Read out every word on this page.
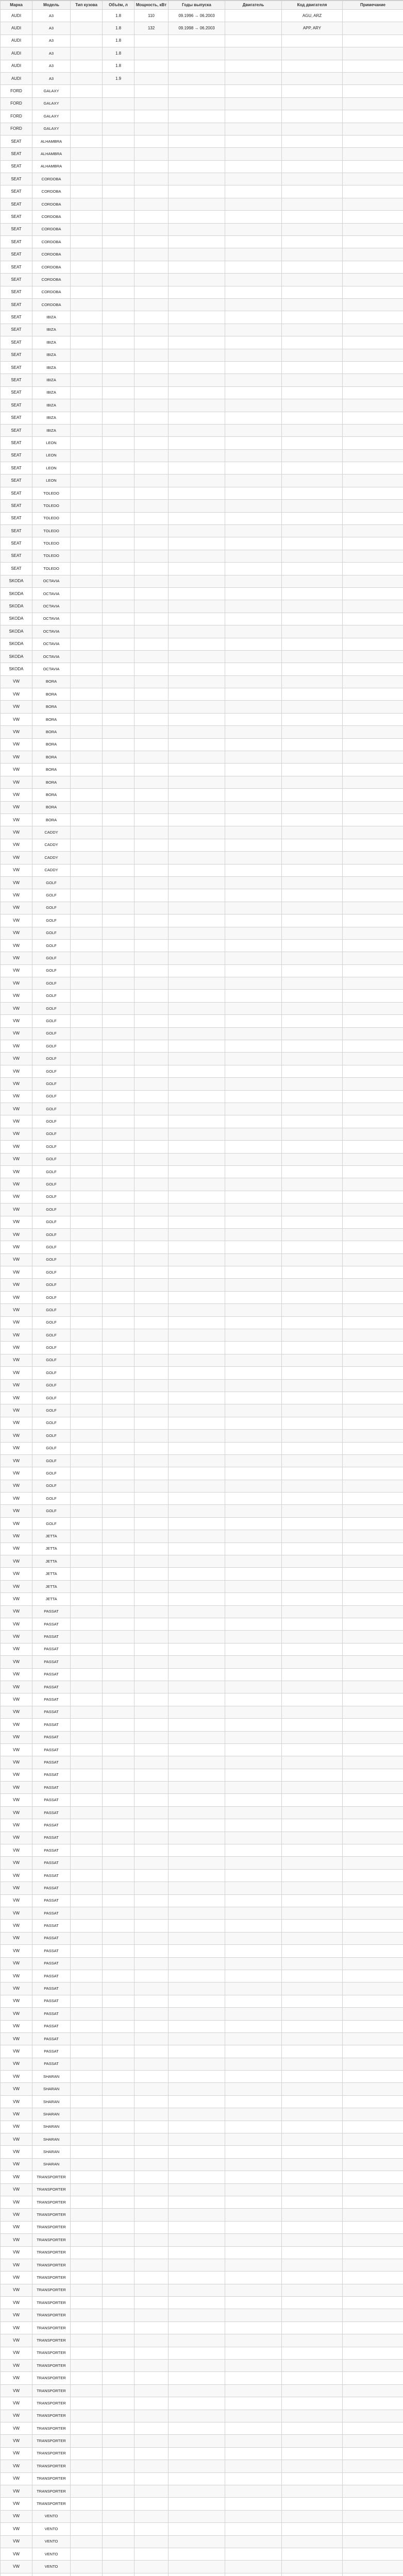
Марка	Модель	Тип кузова	Объём, л	Мощность, кВт	Годы выпуска	Двигатель	Код двигателя	Примечание
AUDI	A3		1.8	110	09.1996 → 06.2003		AGU, ARZ	
AUDI	A3		1.8	132	09.1998 → 06.2003		APP, ARY	
AUDI	A3		1.8					
AUDI	A3		1.8					
AUDI	A3		1.8					
AUDI	A3		1.9					
FORD	GALAXY							
FORD	GALAXY							
FORD	GALAXY							
FORD	GALAXY							
SEAT	ALHAMBRA							
SEAT	ALHAMBRA							
SEAT	ALHAMBRA							
SEAT	CORDOBA							
SEAT	CORDOBA							
SEAT	CORDOBA							
SEAT	CORDOBA							
SEAT	CORDOBA							
SEAT	CORDOBA							
SEAT	CORDOBA							
SEAT	CORDOBA							
SEAT	CORDOBA							
SEAT	CORDOBA							
SEAT	CORDOBA							
SEAT	IBIZA							
SEAT	IBIZA							
SEAT	IBIZA							
SEAT	IBIZA							
SEAT	IBIZA							
SEAT	IBIZA							
SEAT	IBIZA							
SEAT	IBIZA							
SEAT	IBIZA							
SEAT	IBIZA							
SEAT	LEON							
SEAT	LEON							
SEAT	LEON							
SEAT	LEON							
SEAT	TOLEDO							
SEAT	TOLEDO							
SEAT	TOLEDO							
SEAT	TOLEDO							
SEAT	TOLEDO							
SEAT	TOLEDO							
SEAT	TOLEDO							
SKODA	OCTAVIA							
SKODA	OCTAVIA							
SKODA	OCTAVIA							
SKODA	OCTAVIA							
SKODA	OCTAVIA							
SKODA	OCTAVIA							
SKODA	OCTAVIA							
SKODA	OCTAVIA							
VW	BORA							
VW	BORA							
VW	BORA							
VW	BORA							
VW	BORA							
VW	BORA							
VW	BORA							
VW	BORA							
VW	BORA							
VW	BORA							
VW	BORA							
VW	BORA							
VW	CADDY							
VW	CADDY							
VW	CADDY							
VW	CADDY							
VW	GOLF							
VW	GOLF							
VW	GOLF							
VW	GOLF							
VW	GOLF							
VW	GOLF							
VW	GOLF							
VW	GOLF							
VW	GOLF							
VW	GOLF							
VW	GOLF							
VW	GOLF							
VW	GOLF							
VW	GOLF							
VW	GOLF							
VW	GOLF							
VW	GOLF							
VW	GOLF							
VW	GOLF							
VW	GOLF							
VW	GOLF							
VW	GOLF							
VW	GOLF							
VW	GOLF							
VW	GOLF							
VW	GOLF							
VW	GOLF							
VW	GOLF							
VW	GOLF							
VW	GOLF							
VW	GOLF							
VW	GOLF							
VW	GOLF							
VW	GOLF							
VW	GOLF							
VW	GOLF							
VW	GOLF							
VW	GOLF							
VW	GOLF							
VW	GOLF							
VW	GOLF							
VW	GOLF							
VW	GOLF							
VW	GOLF							
VW	GOLF							
VW	GOLF							
VW	GOLF							
VW	GOLF							
VW	GOLF							
VW	GOLF							
VW	GOLF							
VW	GOLF							
VW	JETTA							
VW	JETTA							
VW	JETTA							
VW	JETTA							
VW	JETTA							
VW	JETTA							
VW	PASSAT							
VW	PASSAT							
VW	PASSAT							
VW	PASSAT							
VW	PASSAT							
VW	PASSAT							
VW	PASSAT							
VW	PASSAT							
VW	PASSAT							
VW	PASSAT							
VW	PASSAT							
VW	PASSAT							
VW	PASSAT							
VW	PASSAT							
VW	PASSAT							
VW	PASSAT							
VW	PASSAT							
VW	PASSAT							
VW	PASSAT							
VW	PASSAT							
VW	PASSAT							
VW	PASSAT							
VW	PASSAT							
VW	PASSAT							
VW	PASSAT							
VW	PASSAT							
VW	PASSAT							
VW	PASSAT							
VW	PASSAT							
VW	PASSAT							
VW	PASSAT							
VW	PASSAT							
VW	PASSAT							
VW	PASSAT							
VW	PASSAT							
VW	PASSAT							
VW	PASSAT							
VW	SHARAN							
VW	SHARAN							
VW	SHARAN							
VW	SHARAN							
VW	SHARAN							
VW	SHARAN							
VW	SHARAN							
VW	SHARAN							
VW	TRANSPORTER							
VW	TRANSPORTER							
VW	TRANSPORTER							
VW	TRANSPORTER							
VW	TRANSPORTER							
VW	TRANSPORTER							
VW	TRANSPORTER							
VW	TRANSPORTER							
VW	TRANSPORTER							
VW	TRANSPORTER							
VW	TRANSPORTER							
VW	TRANSPORTER							
VW	TRANSPORTER							
VW	TRANSPORTER							
VW	TRANSPORTER							
VW	TRANSPORTER							
VW	TRANSPORTER							
VW	TRANSPORTER							
VW	TRANSPORTER							
VW	TRANSPORTER							
VW	TRANSPORTER							
VW	TRANSPORTER							
VW	TRANSPORTER							
VW	TRANSPORTER							
VW	TRANSPORTER							
VW	TRANSPORTER							
VW	TRANSPORTER							
VW	VENTO							
VW	VENTO							
VW	VENTO							
VW	VENTO							
VW	VENTO							
